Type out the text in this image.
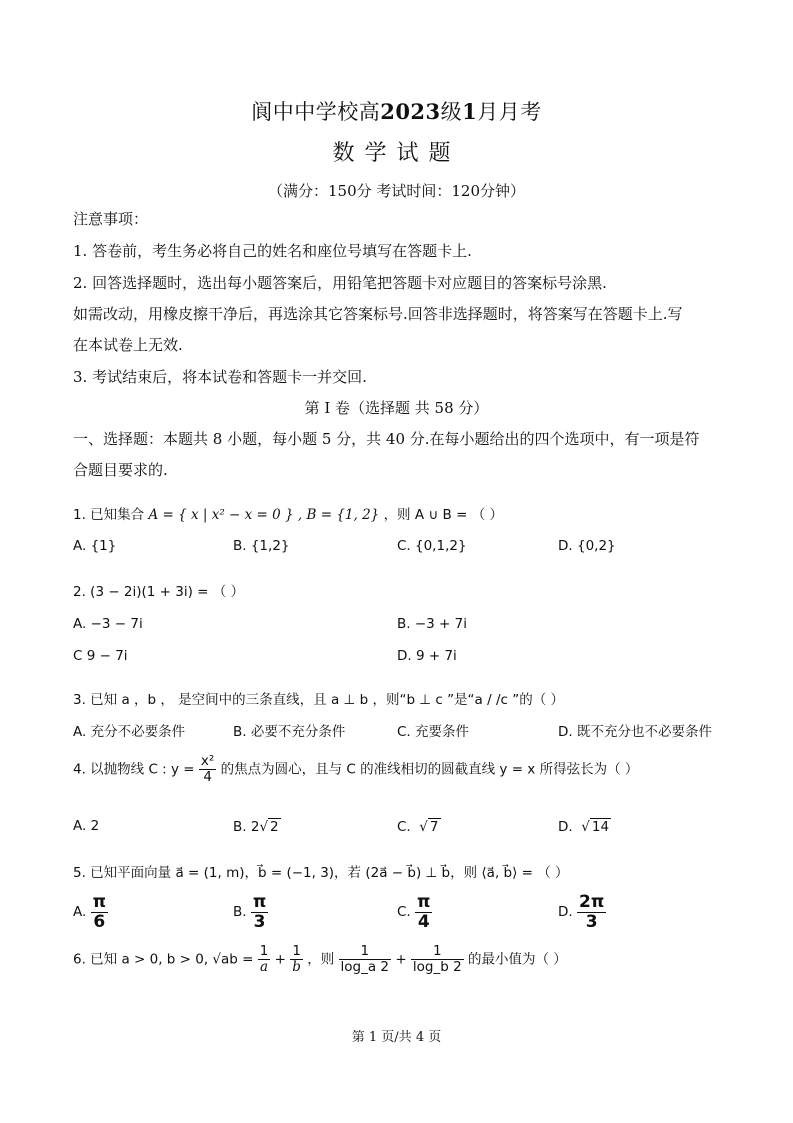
阆中中学校高2023级1月月考
数学试题
（满分：150分 考试时间：120分钟）
注意事项：
1. 答卷前，考生务必将自己的姓名和座位号填写在答题卡上.
2. 回答选择题时，选出每小题答案后，用铅笔把答题卡对应题目的答案标号涂黑.
如需改动，用橡皮擦干净后，再选涂其它答案标号.回答非选择题时，将答案写在答题卡上.写
在本试卷上无效.
3. 考试结束后，将本试卷和答题卡一并交回.
第 I 卷（选择题 共 58 分）
一、选择题：本题共 8 小题，每小题 5 分，共 40 分.在每小题给出的四个选项中，有一项是符
合题目要求的.
1. 已知集合 A = { x | x² − x = 0 } , B = {1, 2} ，则 A ∪ B = （ ）
A. {1}	B. {1,2}	C. {0,1,2}	D. {0,2}
2. (3 − 2i)(1 + 3i) = （ ）
A. −3 − 7i	B. −3 + 7i
C 9 − 7i	D. 9 + 7i
3. 已知 a ，b ， 是空间中的三条直线，且 a ⊥ b ，则“b ⊥ c ”是“a / /c ”的（ ）
A. 充分不必要条件	B. 必要不充分条件	C. 充要条件	D. 既不充分也不必要条件
4. 以抛物线 C : $y = \frac{\text{x²}}{4}$ 的焦点为圆心，且与 C 的准线相切的圆截直线 y = x 所得弦长为（ ）
A. 2	B. 2√ 2	C.  √ 7	D.  √ 14
5. 已知平面向量 a⃗ = (1, m)，b⃗ = (−1, 3)，若 (2a⃗ − b⃗) ⊥ b⃗，则 ⟨a⃗, b⃗⟩ = （ ）
A. $\frac{\pi}{6}$	B. $\frac{\pi}{3}$	C. $\frac{\pi}{4}$	D. $\frac{2\pi}{3}$
6. 已知 a > 0, b > 0, $√ab = \frac{1}{a} + \frac{1}{b}$ ，则 $\frac{1}{\log\_a 2} + \frac{1}{\log\_b 2}$ 的最小值为（ ）
第 1 页/共 4 页
